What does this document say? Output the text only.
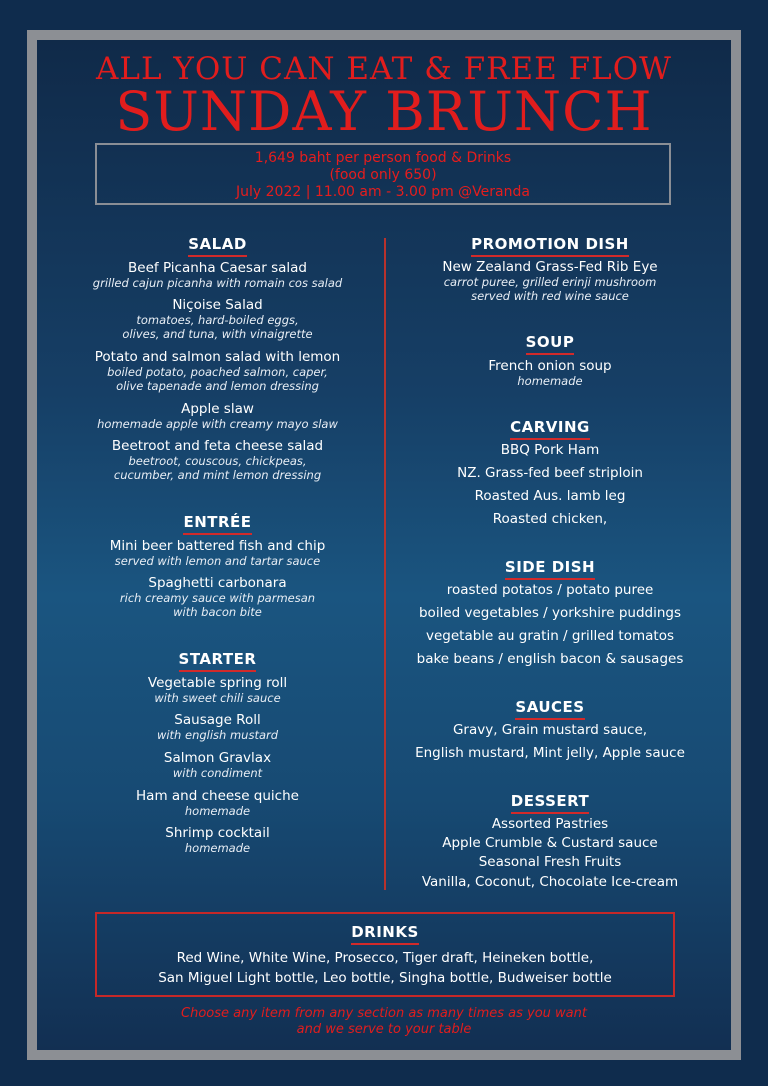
ALL YOU CAN EAT & FREE FLOW
SUNDAY BRUNCH
1,649 baht per person food & Drinks
(food only 650)
July 2022 | 11.00 am - 3.00 pm @Veranda
SALAD
Beef Picanha Caesar salad
grilled cajun picanha with romain cos salad
Niçoise Salad
tomatoes, hard-boiled eggs,
olives, and tuna, with vinaigrette
Potato and salmon salad with lemon
boiled potato, poached salmon, caper,
olive tapenade and lemon dressing
Apple slaw
homemade apple with creamy mayo slaw
Beetroot and feta cheese salad
beetroot, couscous, chickpeas,
cucumber, and mint lemon dressing
ENTRÉE
Mini beer battered fish and chip
served with lemon and tartar sauce
Spaghetti carbonara
rich creamy sauce with parmesan
with bacon bite
STARTER
Vegetable spring roll
with sweet chili sauce
Sausage Roll
with english mustard
Salmon Gravlax
with condiment
Ham and cheese quiche
homemade
Shrimp cocktail
homemade
PROMOTION DISH
New Zealand Grass-Fed Rib Eye
carrot puree, grilled erinji mushroom
served with red wine sauce
SOUP
French onion soup
homemade
CARVING
BBQ Pork Ham
NZ. Grass-fed beef striploin
Roasted Aus. lamb leg
Roasted chicken,
SIDE DISH
roasted potatos / potato puree
boiled vegetables / yorkshire puddings
vegetable au gratin / grilled tomatos
bake beans / english bacon & sausages
SAUCES
Gravy, Grain mustard sauce,
English mustard, Mint jelly, Apple sauce
DESSERT
Assorted Pastries
Apple Crumble & Custard sauce
Seasonal Fresh Fruits
Vanilla, Coconut, Chocolate Ice-cream
DRINKS
Red Wine, White Wine, Prosecco, Tiger draft, Heineken bottle,
San Miguel Light bottle, Leo bottle, Singha bottle, Budweiser bottle
Choose any item from any section as many times as you want
and we serve to your table
